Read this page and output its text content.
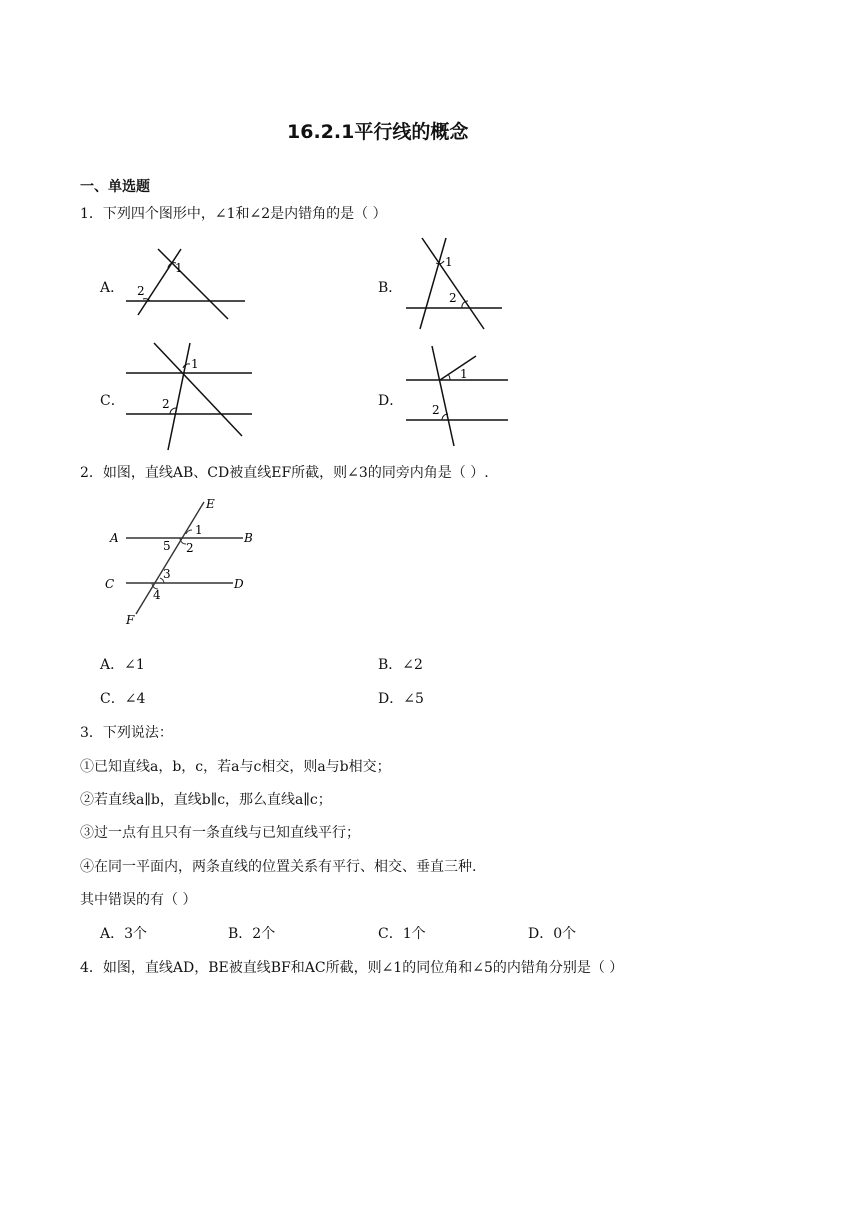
16.2.1平行线的概念
一、单选题
1．下列四个图形中，∠1和∠2是内错角的是（ ）
A．
1
2	B．
1
2
C．
1
2	D．
1
2
2．如图，直线AB、CD被直线EF所截，则∠3的同旁内角是（ ）.
E
A	B
C	D
F
1
2
5
3
4
A．∠1	B．∠2
C．∠4	D．∠5
3．下列说法：
①已知直线a，b，c，若a与c相交，则a与b相交；
②若直线a∥b，直线b∥c，那么直线a∥c；
③过一点有且只有一条直线与已知直线平行；
④在同一平面内，两条直线的位置关系有平行、相交、垂直三种.
其中错误的有（ ）
A．3个	B．2个	C．1个	D．0个
4．如图，直线AD，BE被直线BF和AC所截，则∠1的同位角和∠5的内错角分别是（ ）
